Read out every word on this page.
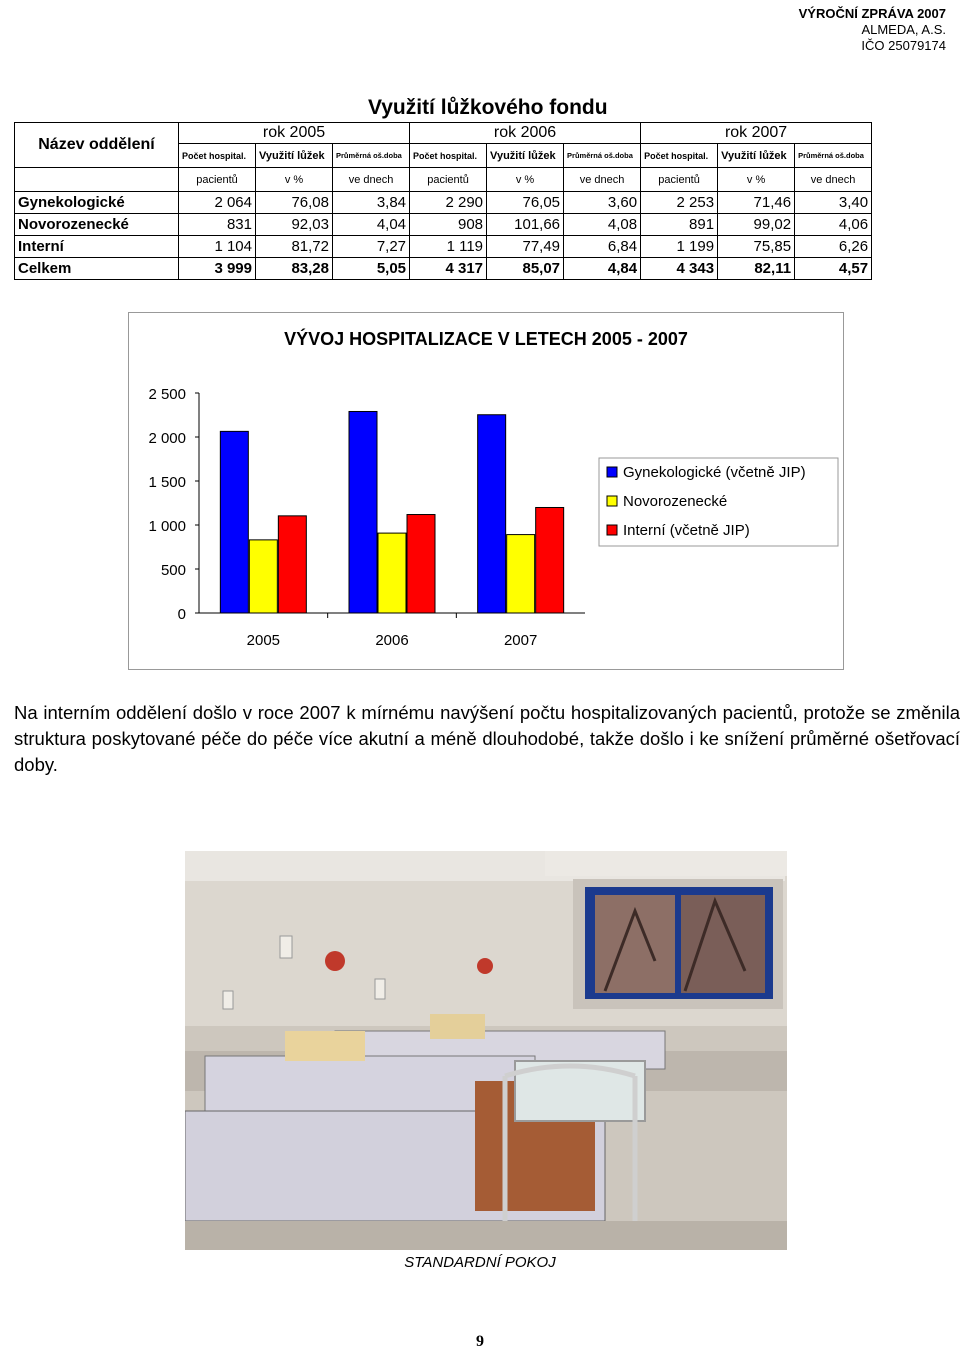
VÝROČNÍ ZPRÁVA 2007
ALMEDA, A.S.
IČO 25079174
Využití lůžkového fondu
Název oddělení	rok 2005			rok 2006			rok 2007		
	Počet hospital.	Využití lůžek	Průměrná oš.doba	Počet hospital.	Využití lůžek	Průměrná oš.doba	Počet hospital.	Využití lůžek	Průměrná oš.doba
	pacientů	v %	ve dnech	pacientů	v %	ve dnech	pacientů	v %	ve dnech
Gynekologické	2 064	76,08	3,84	2 290	76,05	3,60	2 253	71,46	3,40
Novorozenecké	831	92,03	4,04	908	101,66	4,08	891	99,02	4,06
Interní	1 104	81,72	7,27	1 119	77,49	6,84	1 199	75,85	6,26
Celkem	3 999	83,28	5,05	4 317	85,07	4,84	4 343	82,11	4,57
VÝVOJ HOSPITALIZACE V LETECH 2005 - 2007
0
500
1 000
1 500
2 000
2 500
2005	2006	2007
Gynekologické (včetně JIP)
Novorozenecké
Interní (včetně JIP)
Na interním oddělení došlo v roce 2007 k mírnému navýšení počtu hospitalizovaných pacientů, protože se změnila struktura poskytované péče do péče více akutní a méně dlouhodobé, takže došlo i ke snížení průměrné ošetřovací doby.
STANDARDNÍ POKOJ
9
